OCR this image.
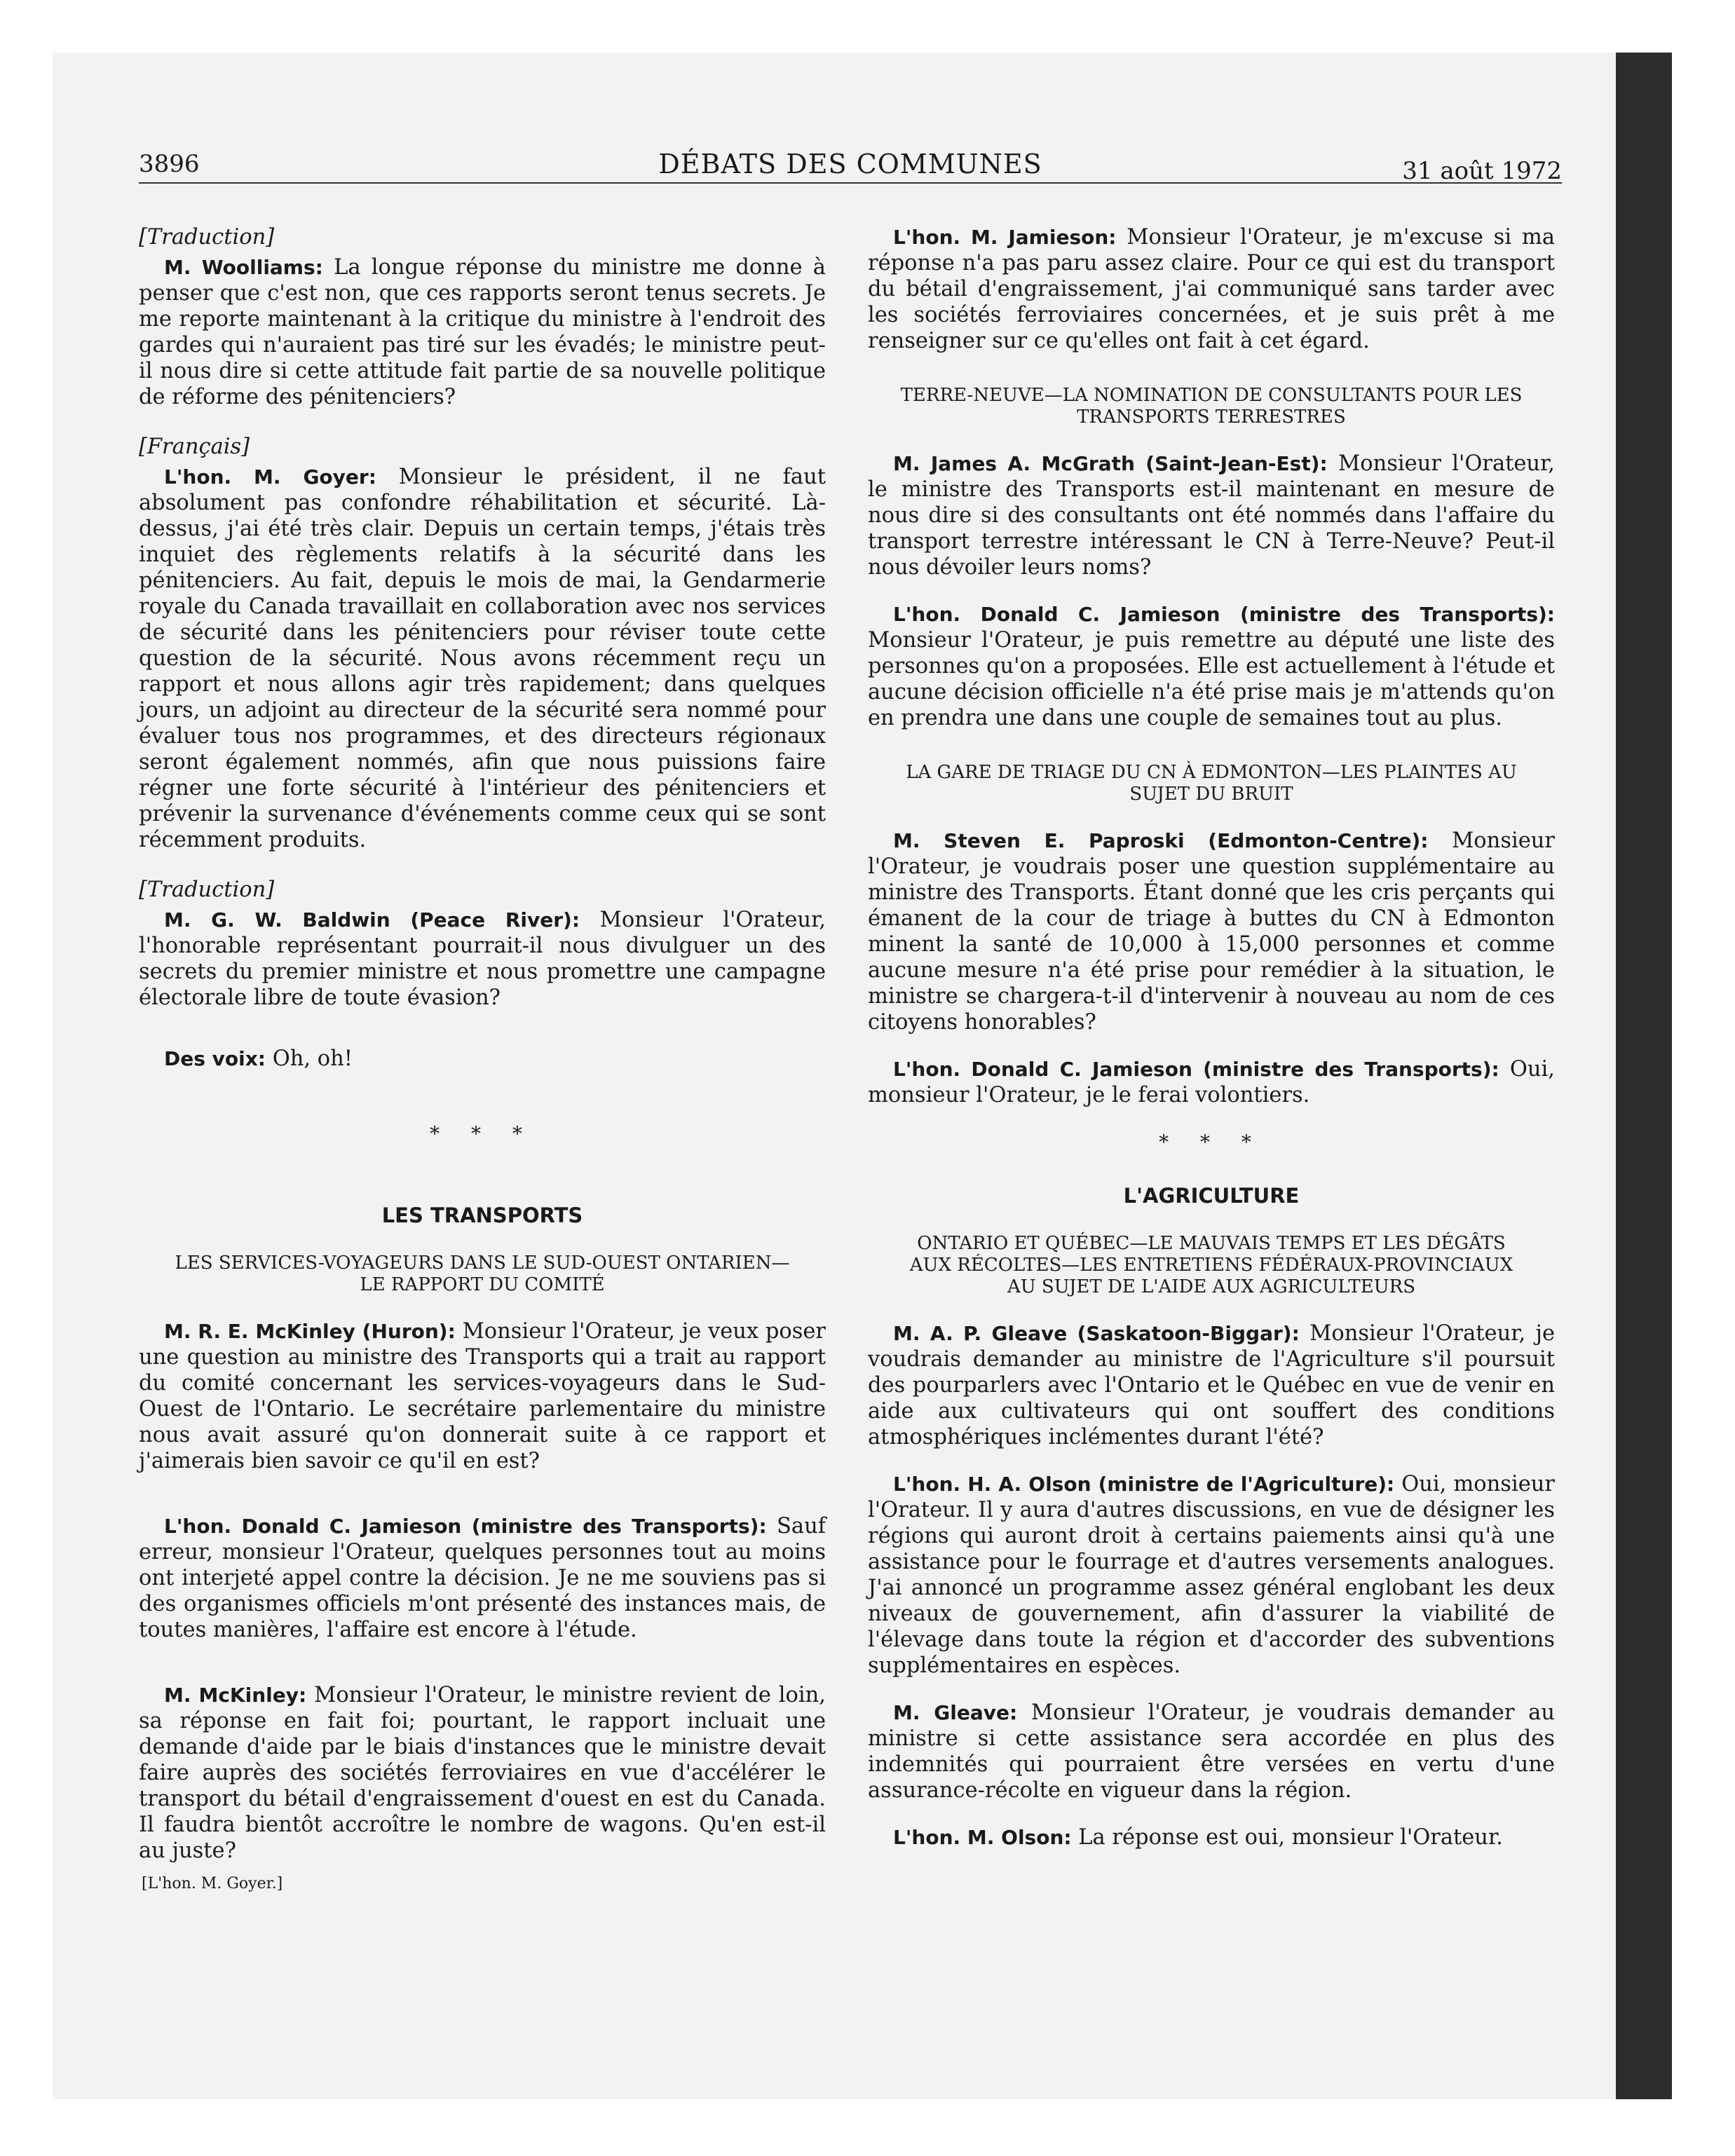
3896	DÉBATS DES COMMUNES	31 août 1972
[Traduction]

M. Woolliams: La longue réponse du ministre me donne à penser que c'est non, que ces rapports seront tenus secrets. Je me reporte maintenant à la critique du ministre à l'endroit des gardes qui n'auraient pas tiré sur les évadés; le ministre peut-il nous dire si cette attitude fait partie de sa nouvelle politique de réforme des pénitenciers?

[Français]

L'hon. M. Goyer: Monsieur le président, il ne faut absolument pas confondre réhabilitation et sécurité. Là-dessus, j'ai été très clair. Depuis un certain temps, j'étais très inquiet des règlements relatifs à la sécurité dans les pénitenciers. Au fait, depuis le mois de mai, la Gendarmerie royale du Canada travaillait en collaboration avec nos services de sécurité dans les pénitenciers pour réviser toute cette question de la sécurité. Nous avons récemment reçu un rapport et nous allons agir très rapidement; dans quelques jours, un adjoint au directeur de la sécurité sera nommé pour évaluer tous nos programmes, et des directeurs régionaux seront également nommés, afin que nous puissions faire régner une forte sécurité à l'intérieur des pénitenciers et prévenir la survenance d'événements comme ceux qui se sont récemment produits.

[Traduction]

M. G. W. Baldwin (Peace River): Monsieur l'Orateur, l'honorable représentant pourrait-il nous divulguer un des secrets du premier ministre et nous promettre une campagne électorale libre de toute évasion?

Des voix: Oh, oh!

* * *
LES TRANSPORTS
LES SERVICES-VOYAGEURS DANS LE SUD-OUEST ONTARIEN—LE RAPPORT DU COMITÉ

M. R. E. McKinley (Huron): Monsieur l'Orateur, je veux poser une question au ministre des Transports qui a trait au rapport du comité concernant les services-voyageurs dans le Sud-Ouest de l'Ontario. Le secrétaire parlementaire du ministre nous avait assuré qu'on donnerait suite à ce rapport et j'aimerais bien savoir ce qu'il en est?

L'hon. Donald C. Jamieson (ministre des Transports): Sauf erreur, monsieur l'Orateur, quelques personnes tout au moins ont interjeté appel contre la décision. Je ne me souviens pas si des organismes officiels m'ont présenté des instances mais, de toutes manières, l'affaire est encore à l'étude.

M. McKinley: Monsieur l'Orateur, le ministre revient de loin, sa réponse en fait foi; pourtant, le rapport incluait une demande d'aide par le biais d'instances que le ministre devait faire auprès des sociétés ferroviaires en vue d'accélérer le transport du bétail d'engraissement d'ouest en est du Canada. Il faudra bientôt accroître le nombre de wagons. Qu'en est-il au juste?

[L'hon. M. Goyer.]

L'hon. M. Jamieson: Monsieur l'Orateur, je m'excuse si ma réponse n'a pas paru assez claire. Pour ce qui est du transport du bétail d'engraissement, j'ai communiqué sans tarder avec les sociétés ferroviaires concernées, et je suis prêt à me renseigner sur ce qu'elles ont fait à cet égard.

TERRE-NEUVE—LA NOMINATION DE CONSULTANTS POUR LES TRANSPORTS TERRESTRES

M. James A. McGrath (Saint-Jean-Est): Monsieur l'Orateur, le ministre des Transports est-il maintenant en mesure de nous dire si des consultants ont été nommés dans l'affaire du transport terrestre intéressant le CN à Terre-Neuve? Peut-il nous dévoiler leurs noms?

L'hon. Donald C. Jamieson (ministre des Transports): Monsieur l'Orateur, je puis remettre au député une liste des personnes qu'on a proposées. Elle est actuellement à l'étude et aucune décision officielle n'a été prise mais je m'attends qu'on en prendra une dans une couple de semaines tout au plus.

LA GARE DE TRIAGE DU CN À EDMONTON—LES PLAINTES AU SUJET DU BRUIT

M. Steven E. Paproski (Edmonton-Centre): Monsieur l'Orateur, je voudrais poser une question supplémentaire au ministre des Transports. Étant donné que les cris perçants qui émanent de la cour de triage à buttes du CN à Edmonton minent la santé de 10,000 à 15,000 personnes et comme aucune mesure n'a été prise pour remédier à la situation, le ministre se chargera-t-il d'intervenir à nouveau au nom de ces citoyens honorables?

L'hon. Donald C. Jamieson (ministre des Transports): Oui, monsieur l'Orateur, je le ferai volontiers.

* * *
L'AGRICULTURE
ONTARIO ET QUÉBEC—LE MAUVAIS TEMPS ET LES DÉGÂTS AUX RÉCOLTES—LES ENTRETIENS FÉDÉRAUX-PROVINCIAUX AU SUJET DE L'AIDE AUX AGRICULTEURS

M. A. P. Gleave (Saskatoon-Biggar): Monsieur l'Orateur, je voudrais demander au ministre de l'Agriculture s'il poursuit des pourparlers avec l'Ontario et le Québec en vue de venir en aide aux cultivateurs qui ont souffert des conditions atmosphériques inclémentes durant l'été?

L'hon. H. A. Olson (ministre de l'Agriculture): Oui, monsieur l'Orateur. Il y aura d'autres discussions, en vue de désigner les régions qui auront droit à certains paiements ainsi qu'à une assistance pour le fourrage et d'autres versements analogues. J'ai annoncé un programme assez général englobant les deux niveaux de gouvernement, afin d'assurer la viabilité de l'élevage dans toute la région et d'accorder des subventions supplémentaires en espèces.

M. Gleave: Monsieur l'Orateur, je voudrais demander au ministre si cette assistance sera accordée en plus des indemnités qui pourraient être versées en vertu d'une assurance-récolte en vigueur dans la région.

L'hon. M. Olson: La réponse est oui, monsieur l'Orateur.
